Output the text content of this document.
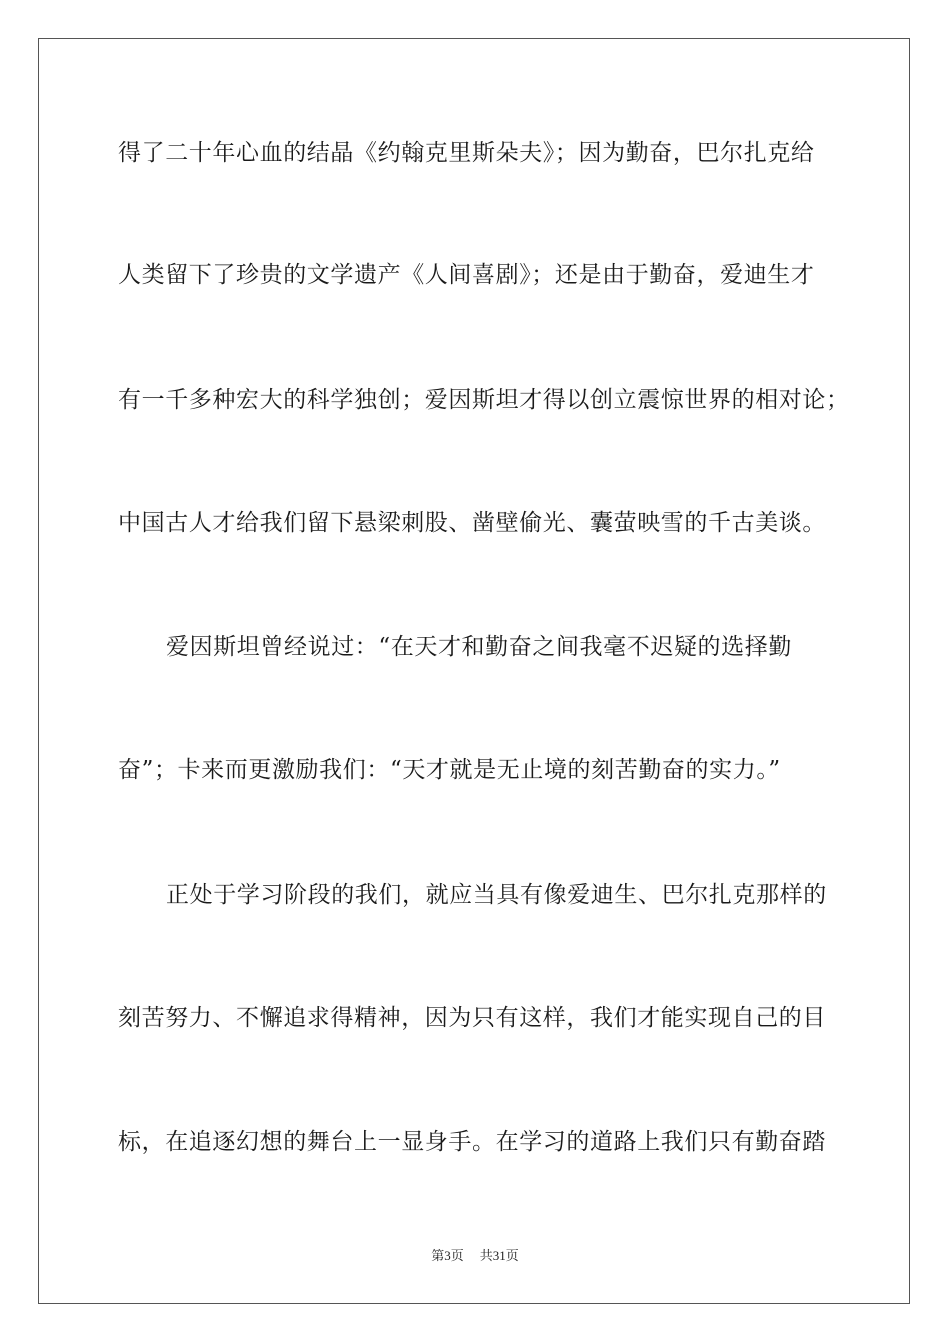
得了二十年心血的结晶《约翰克里斯朵夫》；因为勤奋，巴尔扎克给
人类留下了珍贵的文学遗产《人间喜剧》；还是由于勤奋，爱迪生才
有一千多种宏大的科学独创；爱因斯坦才得以创立震惊世界的相对论；
中国古人才给我们留下悬梁刺股、凿壁偷光、囊萤映雪的千古美谈。
爱因斯坦曾经说过：“在天才和勤奋之间我毫不迟疑的选择勤
奋”；卡来而更激励我们：“天才就是无止境的刻苦勤奋的实力。”
正处于学习阶段的我们，就应当具有像爱迪生、巴尔扎克那样的
刻苦努力、不懈追求得精神，因为只有这样，我们才能实现自己的目
标，在追逐幻想的舞台上一显身手。在学习的道路上我们只有勤奋踏
第3页 共31页
